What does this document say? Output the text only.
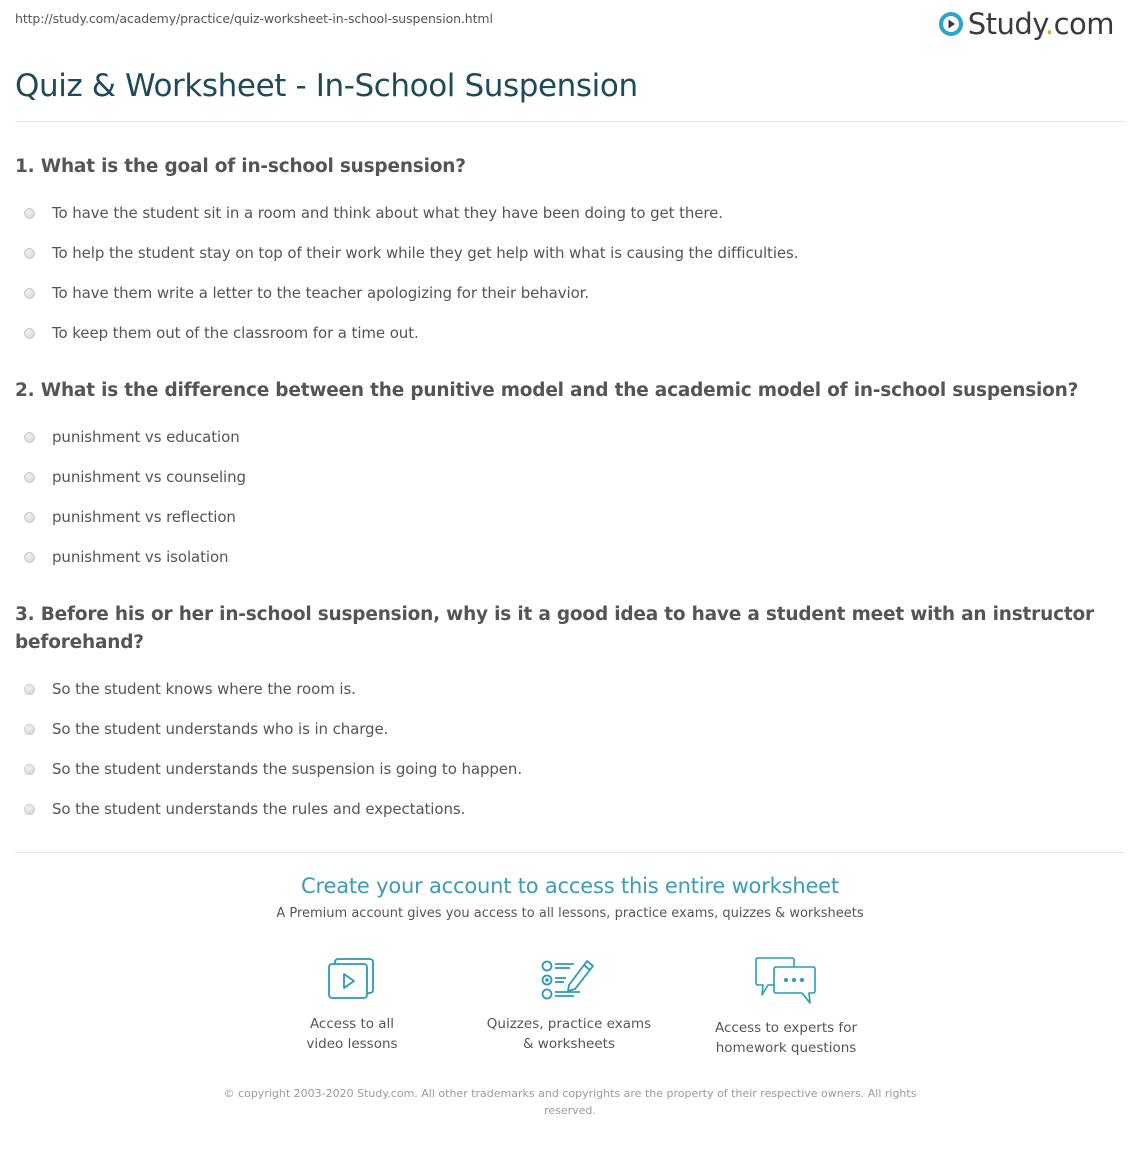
http://study.com/academy/practice/quiz-worksheet-in-school-suspension.html	Study.com
Quiz & Worksheet - In-School Suspension
1. What is the goal of in-school suspension?
To have the student sit in a room and think about what they have been doing to get there.
To help the student stay on top of their work while they get help with what is causing the difficulties.
To have them write a letter to the teacher apologizing for their behavior.
To keep them out of the classroom for a time out.
2. What is the difference between the punitive model and the academic model of in-school suspension?
punishment vs education
punishment vs counseling
punishment vs reflection
punishment vs isolation
3. Before his or her in-school suspension, why is it a good idea to have a student meet with an instructor beforehand?
So the student knows where the room is.
So the student understands who is in charge.
So the student understands the suspension is going to happen.
So the student understands the rules and expectations.
Create your account to access this entire worksheet
A Premium account gives you access to all lessons, practice exams, quizzes & worksheets
Access to all
video lessons
Quizzes, practice exams
& worksheets
Access to experts for
homework questions
© copyright 2003-2020 Study.com. All other trademarks and copyrights are the property of their respective owners. All rights reserved.
